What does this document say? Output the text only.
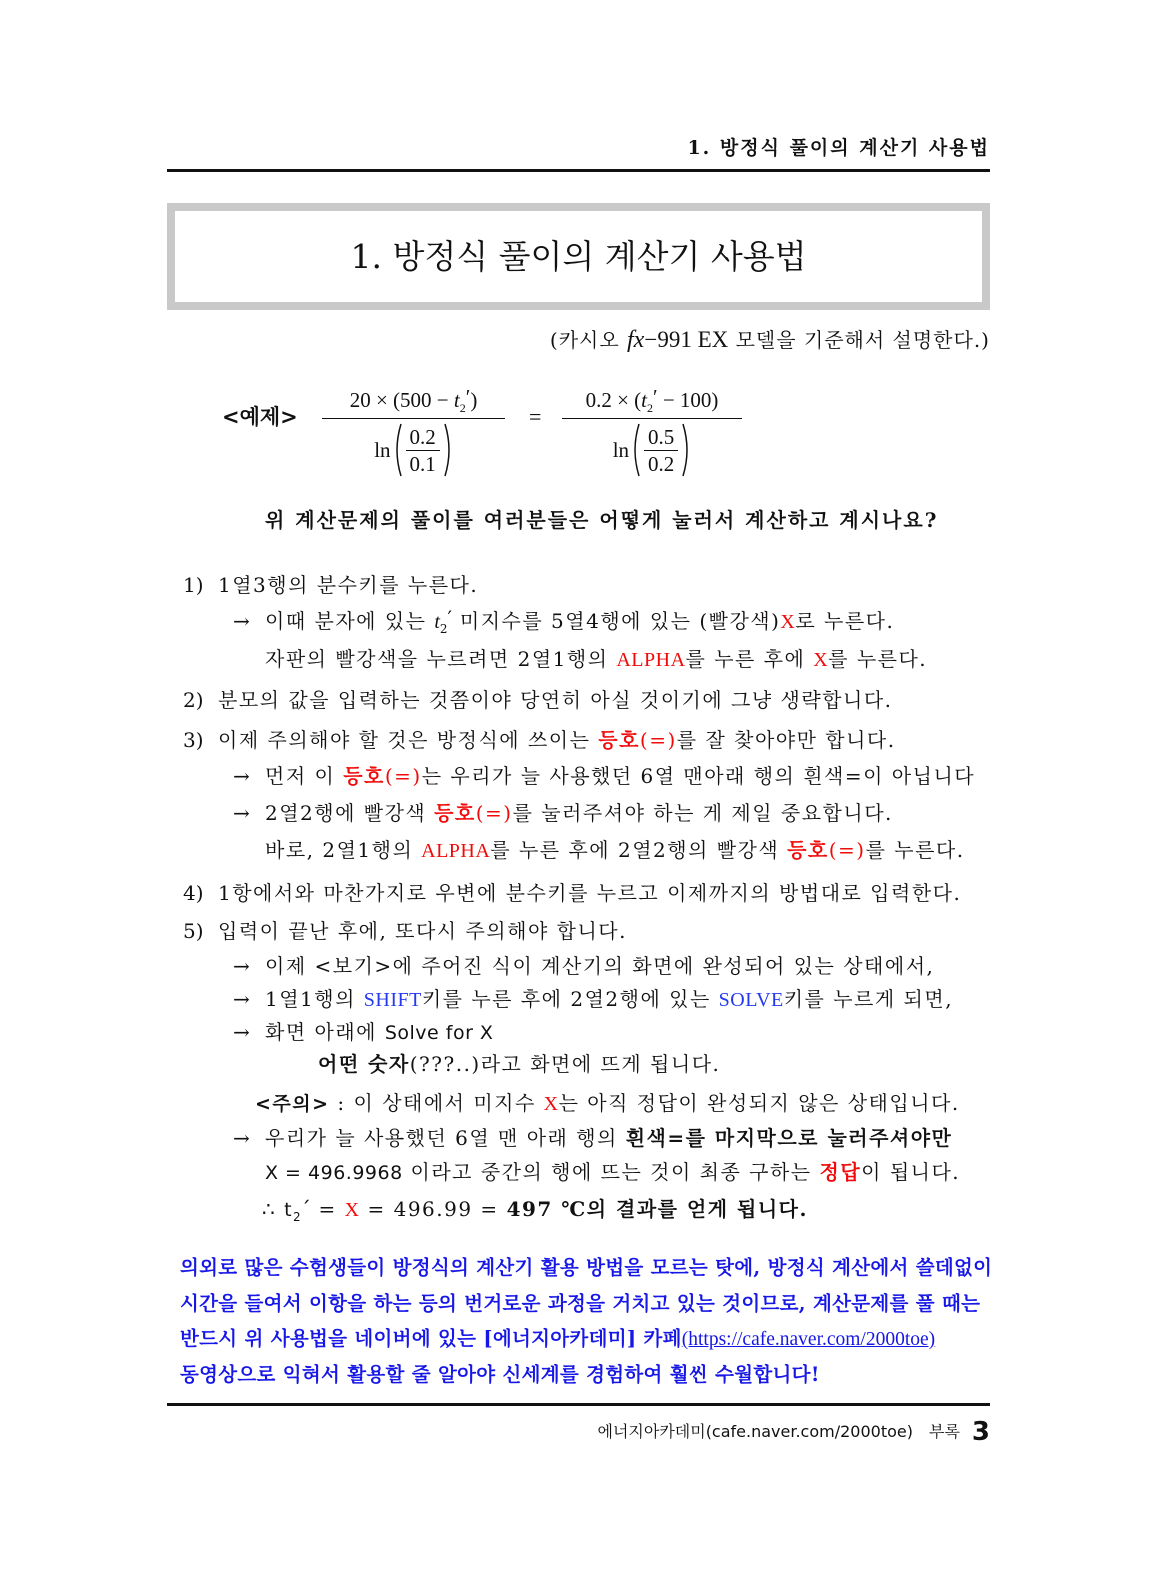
1. 방정식 풀이의 계산기 사용법
1. 방정식 풀이의 계산기 사용법
(카시오 fx−991 EX 모델을 기준해서 설명한다.)
<예제>
$20 \times (500 - t_2')$
ln
0.2
0.1
=
$0.2 \times (t_2' - 100)$
ln
0.5
0.2
위 계산문제의 풀이를 여러분들은 어떻게 눌러서 계산하고 계시나요?
1) 1열3행의 분수키를 누른다.
→ 이때 분자에 있는 $t_2'$ 미지수를 5열4행에 있는 (빨강색)X로 누른다.
자판의 빨강색을 누르려면 2열1행의 ALPHA를 누른 후에 X를 누른다.
2) 분모의 값을 입력하는 것쯤이야 당연히 아실 것이기에 그냥 생략합니다.
3) 이제 주의해야 할 것은 방정식에 쓰이는 등호(=)를 잘 찾아야만 합니다.
→ 먼저 이 등호(=)는 우리가 늘 사용했던 6열 맨아래 행의 흰색=이 아닙니다
→ 2열2행에 빨강색 등호(=)를 눌러주셔야 하는 게 제일 중요합니다.
바로, 2열1행의 ALPHA를 누른 후에 2열2행의 빨강색 등호(=)를 누른다.
4) 1항에서와 마찬가지로 우변에 분수키를 누르고 이제까지의 방법대로 입력한다.
5) 입력이 끝난 후에, 또다시 주의해야 합니다.
→ 이제 <보기>에 주어진 식이 계산기의 화면에 완성되어 있는 상태에서,
→ 1열1행의 SHIFT키를 누른 후에 2열2행에 있는 SOLVE키를 누르게 되면,
→ 화면 아래에 Solve for X
어떤 숫자(???..)라고 화면에 뜨게 됩니다.
<주의> : 이 상태에서 미지수 X는 아직 정답이 완성되지 않은 상태입니다.
→ 우리가 늘 사용했던 6열 맨 아래 행의 흰색=를 마지막으로 눌러주셔야만
X = 496.9968 이라고 중간의 행에 뜨는 것이 최종 구하는 정답이 됩니다.
∴ $t_2´ = X = 496.99 = 497$ ℃의 결과를 얻게 됩니다.
의외로 많은 수험생들이 방정식의 계산기 활용 방법을 모르는 탓에, 방정식 계산에서 쓸데없이
시간을 들여서 이항을 하는 등의 번거로운 과정을 거치고 있는 것이므로, 계산문제를 풀 때는
반드시 위 사용법을 네이버에 있는 [에너지아카데미] 카페(https://cafe.naver.com/2000toe)
동영상으로 익혀서 활용할 줄 알아야 신세계를 경험하여 훨씬 수월합니다!
에너지아카데미(cafe.naver.com/2000toe) 부록 3
